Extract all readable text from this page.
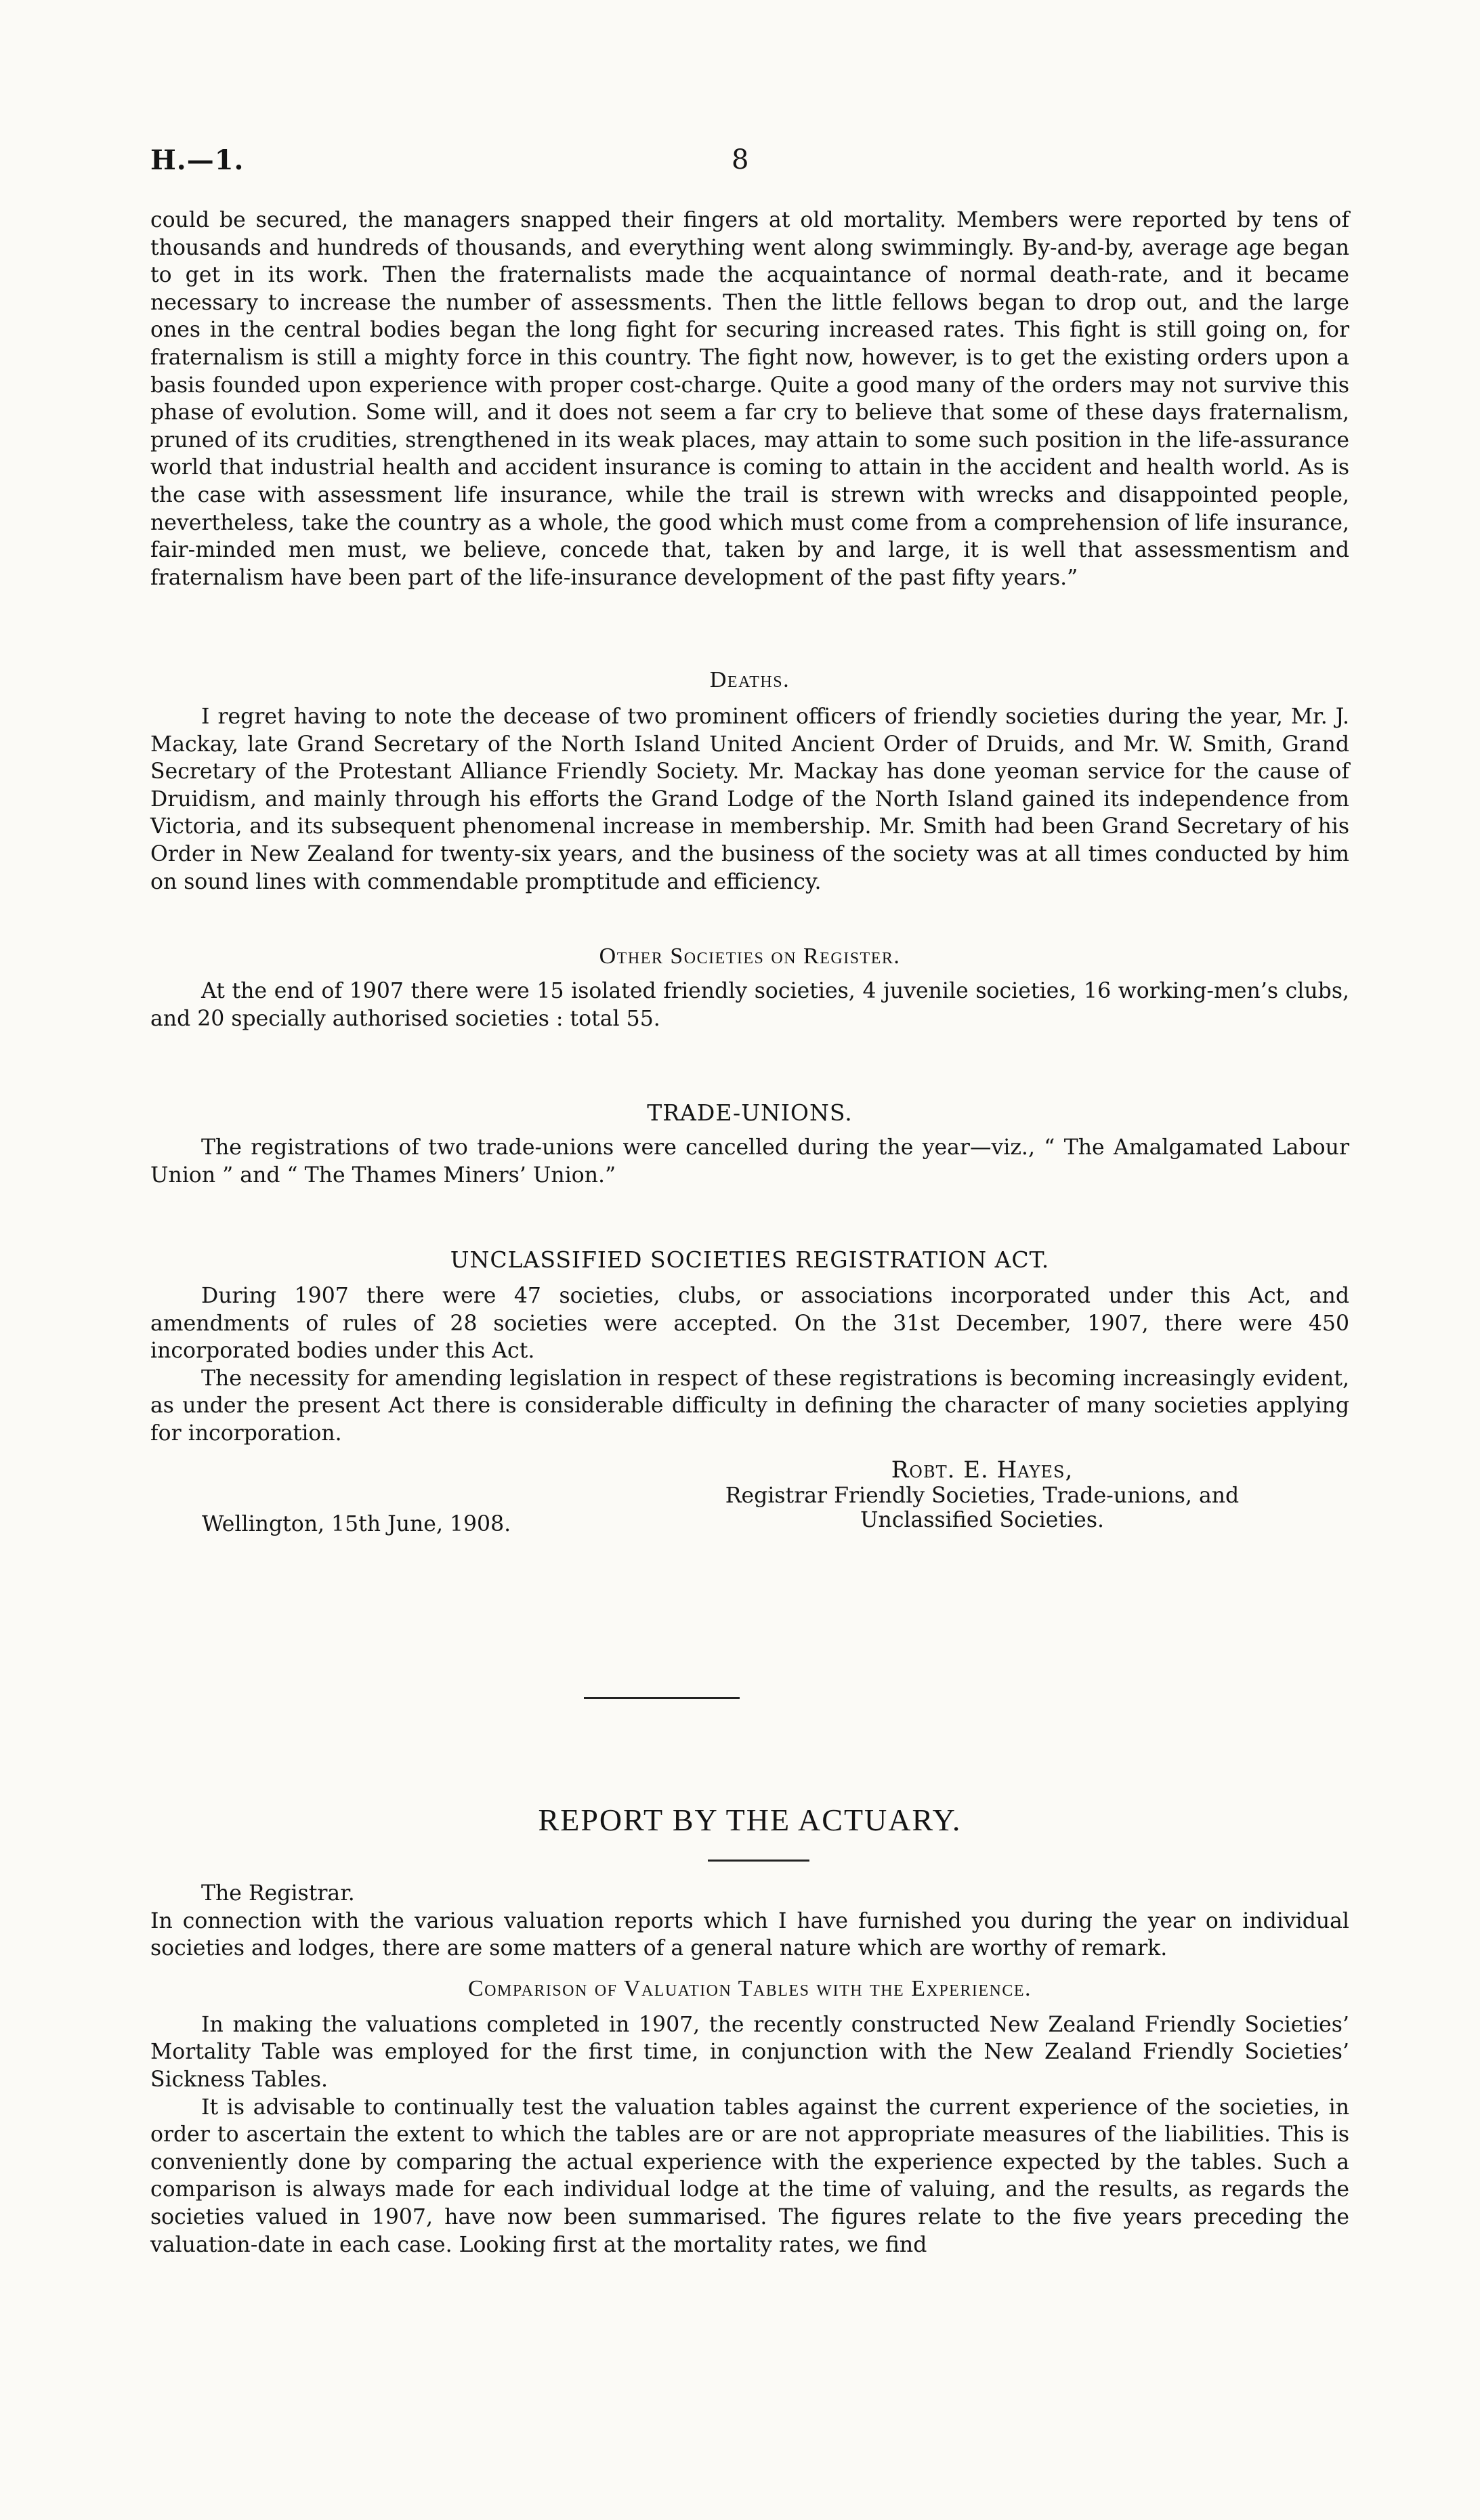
H.—1.	8

could be secured, the managers snapped their fingers at old mortality. Members were reported by tens of thousands and hundreds of thousands, and everything went along swimmingly. By-and-by, average age began to get in its work. Then the fraternalists made the acquaintance of normal death-rate, and it became necessary to increase the number of assessments. Then the little fellows began to drop out, and the large ones in the central bodies began the long fight for securing increased rates. This fight is still going on, for fraternalism is still a mighty force in this country. The fight now, however, is to get the existing orders upon a basis founded upon experience with proper cost-charge. Quite a good many of the orders may not survive this phase of evolution. Some will, and it does not seem a far cry to believe that some of these days fraternalism, pruned of its crudities, strengthened in its weak places, may attain to some such position in the life-assurance world that industrial health and accident insurance is coming to attain in the accident and health world. As is the case with assessment life insurance, while the trail is strewn with wrecks and disappointed people, nevertheless, take the country as a whole, the good which must come from a comprehension of life insurance, fair-minded men must, we believe, concede that, taken by and large, it is well that assessmentism and fraternalism have been part of the life-insurance development of the past fifty years.”

Deaths.

I regret having to note the decease of two prominent officers of friendly societies during the year, Mr. J. Mackay, late Grand Secretary of the North Island United Ancient Order of Druids, and Mr. W. Smith, Grand Secretary of the Protestant Alliance Friendly Society. Mr. Mackay has done yeoman service for the cause of Druidism, and mainly through his efforts the Grand Lodge of the North Island gained its independence from Victoria, and its subsequent phenomenal increase in membership. Mr. Smith had been Grand Secretary of his Order in New Zealand for twenty-six years, and the business of the society was at all times conducted by him on sound lines with commendable promptitude and efficiency.

Other Societies on Register.

At the end of 1907 there were 15 isolated friendly societies, 4 juvenile societies, 16 working-men’s clubs, and 20 specially authorised societies : total 55.

TRADE-UNIONS.

The registrations of two trade-unions were cancelled during the year—viz., “ The Amalgamated Labour Union ” and “ The Thames Miners’ Union.”

UNCLASSIFIED SOCIETIES REGISTRATION ACT.

During 1907 there were 47 societies, clubs, or associations incorporated under this Act, and amendments of rules of 28 societies were accepted. On the 31st December, 1907, there were 450 incorporated bodies under this Act.

The necessity for amending legislation in respect of these registrations is becoming increasingly evident, as under the present Act there is considerable difficulty in defining the character of many societies applying for incorporation.

Robt. E. Hayes,
Registrar Friendly Societies, Trade-unions, and
Unclassified Societies.
Wellington, 15th June, 1908.
REPORT BY THE ACTUARY.

The Registrar.

In connection with the various valuation reports which I have furnished you during the year on individual societies and lodges, there are some matters of a general nature which are worthy of remark.

Comparison of Valuation Tables with the Experience.

In making the valuations completed in 1907, the recently constructed New Zealand Friendly Societies’ Mortality Table was employed for the first time, in conjunction with the New Zealand Friendly Societies’ Sickness Tables.

It is advisable to continually test the valuation tables against the current experience of the societies, in order to ascertain the extent to which the tables are or are not appropriate measures of the liabilities. This is conveniently done by comparing the actual experience with the experience expected by the tables. Such a comparison is always made for each individual lodge at the time of valuing, and the results, as regards the societies valued in 1907, have now been summarised. The figures relate to the five years preceding the valuation-date in each case. Looking first at the mortality rates, we find
